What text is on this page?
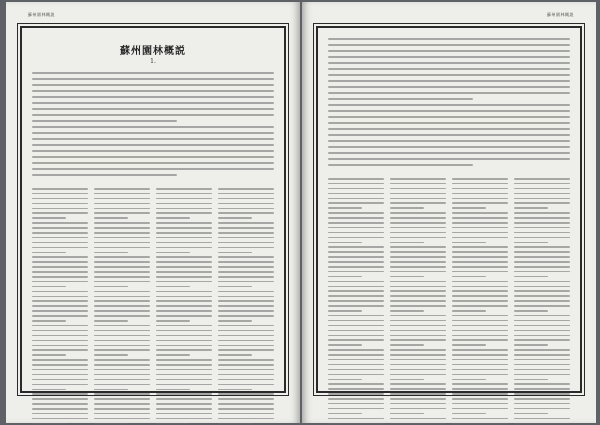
蘇州園林概説
蘇州園林概説
1.
·
蘇州園林概説
·
